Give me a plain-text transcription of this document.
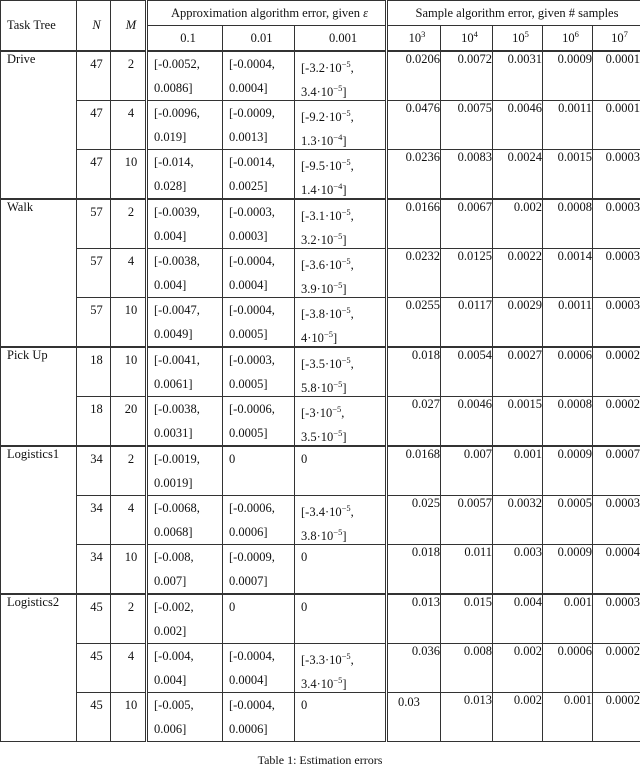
Task Tree	N	M	Approximation algorithm error, given ε			Sample algorithm error, given # samples				
			0.1	0.01	0.001	$10^3$	$10^4$	$10^5$	$10^6$	$10^7$
Drive	47	2	[-0.0052,
0.0086]	[-0.0004,
0.0004]	[$-3.2\cdot 10^{-5}$,
$3.4\cdot 10^{-5}$]	0.0206	0.0072	0.0031	0.0009	0.0001
	47	4	[-0.0096,
0.019]	[-0.0009,
0.0013]	[$-9.2\cdot 10^{-5}$,
$1.3\cdot 10^{-4}$]	0.0476	0.0075	0.0046	0.0011	0.0001
	47	10	[-0.014,
0.028]	[-0.0014,
0.0025]	[$-9.5\cdot 10^{-5}$,
$1.4\cdot 10^{-4}$]	0.0236	0.0083	0.0024	0.0015	0.0003
Walk	57	2	[-0.0039,
0.004]	[-0.0003,
0.0003]	[$-3.1\cdot 10^{-5}$,
$3.2\cdot 10^{-5}$]	0.0166	0.0067	0.002	0.0008	0.0003
	57	4	[-0.0038,
0.004]	[-0.0004,
0.0004]	[$-3.6\cdot 10^{-5}$,
$3.9\cdot 10^{-5}$]	0.0232	0.0125	0.0022	0.0014	0.0003
	57	10	[-0.0047,
0.0049]	[-0.0004,
0.0005]	[$-3.8\cdot 10^{-5}$,
$4\cdot 10^{-5}$]	0.0255	0.0117	0.0029	0.0011	0.0003
Pick Up	18	10	[-0.0041,
0.0061]	[-0.0003,
0.0005]	[$-3.5\cdot 10^{-5}$,
$5.8\cdot 10^{-5}$]	0.018	0.0054	0.0027	0.0006	0.0002
	18	20	[-0.0038,
0.0031]	[-0.0006,
0.0005]	[$-3\cdot 10^{-5}$,
$3.5\cdot 10^{-5}$]	0.027	0.0046	0.0015	0.0008	0.0002
Logistics1	34	2	[-0.0019,
0.0019]	0	0	0.0168	0.007	0.001	0.0009	0.0007
	34	4	[-0.0068,
0.0068]	[-0.0006,
0.0006]	[$-3.4\cdot 10^{-5}$,
$3.8\cdot 10^{-5}$]	0.025	0.0057	0.0032	0.0005	0.0003
	34	10	[-0.008,
0.007]	[-0.0009,
0.0007]	0	0.018	0.011	0.003	0.0009	0.0004
Logistics2	45	2	[-0.002,
0.002]	0	0	0.013	0.015	0.004	0.001	0.0003
	45	4	[-0.004,
0.004]	[-0.0004,
0.0004]	[$-3.3\cdot 10^{-5}$,
$3.4\cdot 10^{-5}$]	0.036	0.008	0.002	0.0006	0.0002
	45	10	[-0.005,
0.006]	[-0.0004,
0.0006]	0	0.03	0.013	0.002	0.001	0.0002
Table 1: Estimation errors
